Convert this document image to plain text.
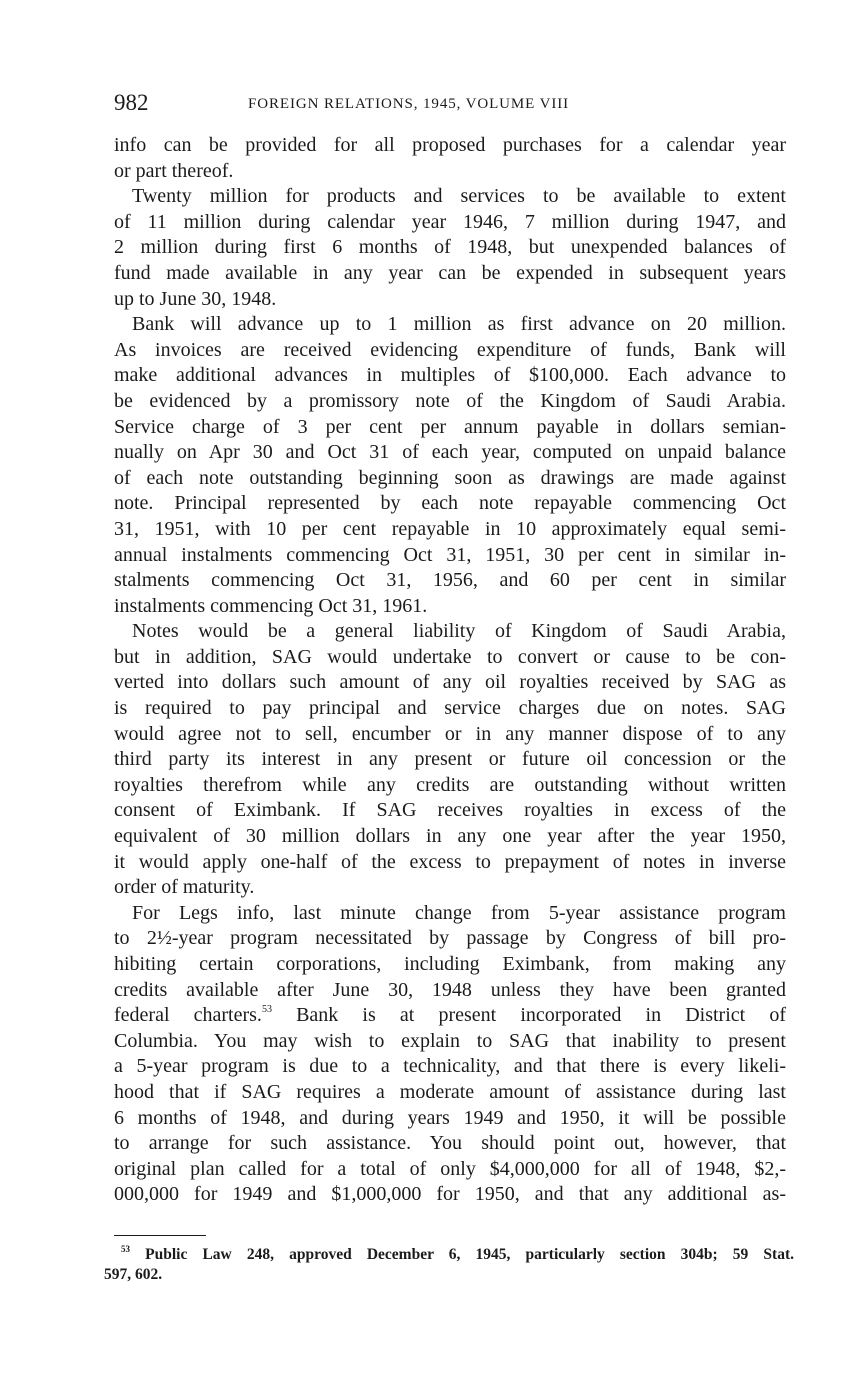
982	FOREIGN RELATIONS, 1945, VOLUME VIII
info can be provided for all proposed purchases for a calendar year
or part thereof.
Twenty million for products and services to be available to extent
of 11 million during calendar year 1946, 7 million during 1947, and
2 million during first 6 months of 1948, but unexpended balances of
fund made available in any year can be expended in subsequent years
up to June 30, 1948.
Bank will advance up to 1 million as first advance on 20 million.
As invoices are received evidencing expenditure of funds, Bank will
make additional advances in multiples of $100,000. Each advance to
be evidenced by a promissory note of the Kingdom of Saudi Arabia.
Service charge of 3 per cent per annum payable in dollars semian-
nually on Apr 30 and Oct 31 of each year, computed on unpaid balance
of each note outstanding beginning soon as drawings are made against
note. Principal represented by each note repayable commencing Oct
31, 1951, with 10 per cent repayable in 10 approximately equal semi-
annual instalments commencing Oct 31, 1951, 30 per cent in similar in-
stalments commencing Oct 31, 1956, and 60 per cent in similar
instalments commencing Oct 31, 1961.
Notes would be a general liability of Kingdom of Saudi Arabia,
but in addition, SAG would undertake to convert or cause to be con-
verted into dollars such amount of any oil royalties received by SAG as
is required to pay principal and service charges due on notes. SAG
would agree not to sell, encumber or in any manner dispose of to any
third party its interest in any present or future oil concession or the
royalties therefrom while any credits are outstanding without written
consent of Eximbank. If SAG receives royalties in excess of the
equivalent of 30 million dollars in any one year after the year 1950,
it would apply one-half of the excess to prepayment of notes in inverse
order of maturity.
For Legs info, last minute change from 5-year assistance program
to 2½-year program necessitated by passage by Congress of bill pro-
hibiting certain corporations, including Eximbank, from making any
credits available after June 30, 1948 unless they have been granted
federal charters.$^{53}$ Bank is at present incorporated in District of
Columbia. You may wish to explain to SAG that inability to present
a 5-year program is due to a technicality, and that there is every likeli-
hood that if SAG requires a moderate amount of assistance during last
6 months of 1948, and during years 1949 and 1950, it will be possible
to arrange for such assistance. You should point out, however, that
original plan called for a total of only $4,000,000 for all of 1948, $2,-
000,000 for 1949 and $1,000,000 for 1950, and that any additional as-
$^{53}$ Public Law 248, approved December 6, 1945, particularly section 304b; 59 Stat.
597, 602.
